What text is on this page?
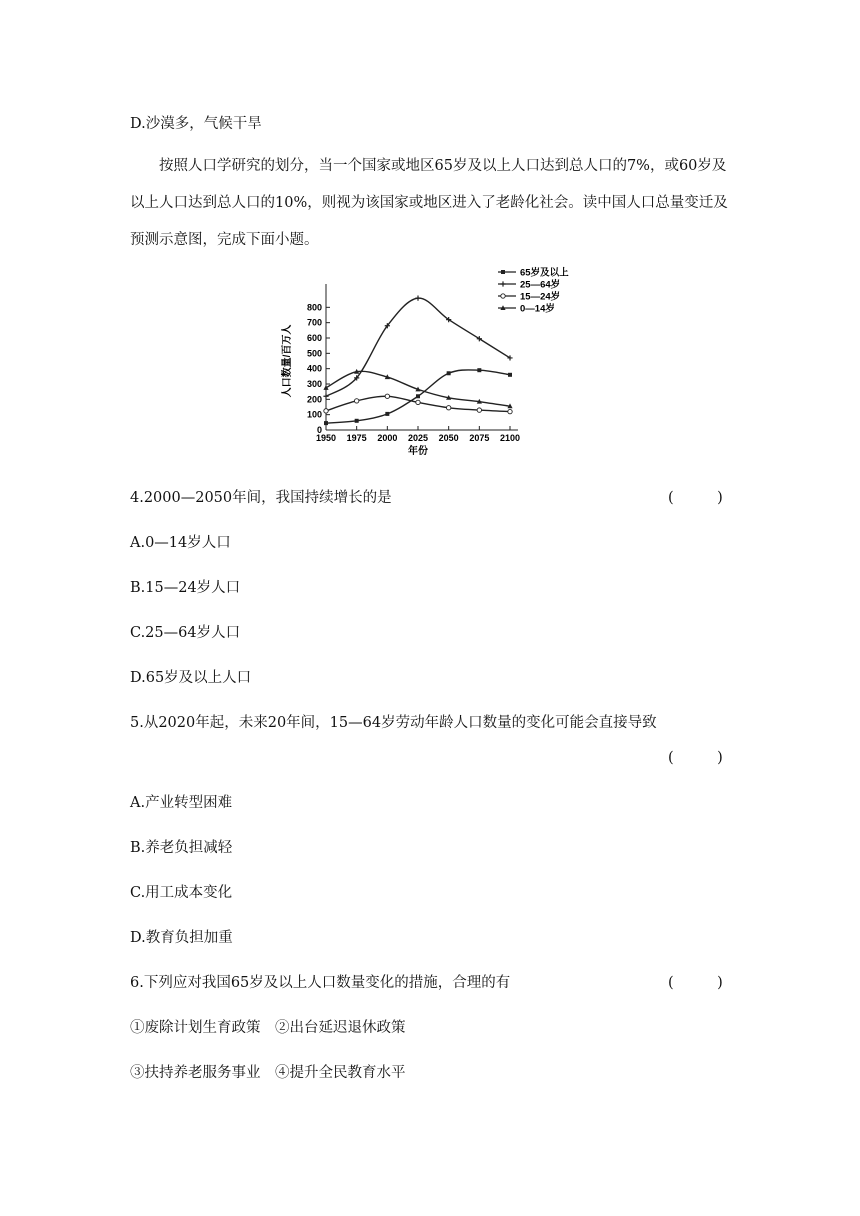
D.沙漠多，气候干旱
按照人口学研究的划分，当一个国家或地区65岁及以上人口达到总人口的7%，或60岁及以上人口达到总人口的10%，则视为该国家或地区进入了老龄化社会。读中国人口总量变迁及预测示意图，完成下面小题。
0
100
200
300
400
500
600
700
800
1950 1975 2000 2025 2050 2075 2100
年份
人口数量/百万人
65岁及以上
25—64岁
15—24岁
0—14岁
4.2000—2050年间，我国持续增长的是	(　　　)
A.0—14岁人口
B.15—24岁人口
C.25—64岁人口
D.65岁及以上人口
5.从2020年起，未来20年间，15—64岁劳动年龄人口数量的变化可能会直接导致
(　　　)
A.产业转型困难
B.养老负担减轻
C.用工成本变化
D.教育负担加重
6.下列应对我国65岁及以上人口数量变化的措施，合理的有	(　　　)
①废除计划生育政策　②出台延迟退休政策
③扶持养老服务事业　④提升全民教育水平
